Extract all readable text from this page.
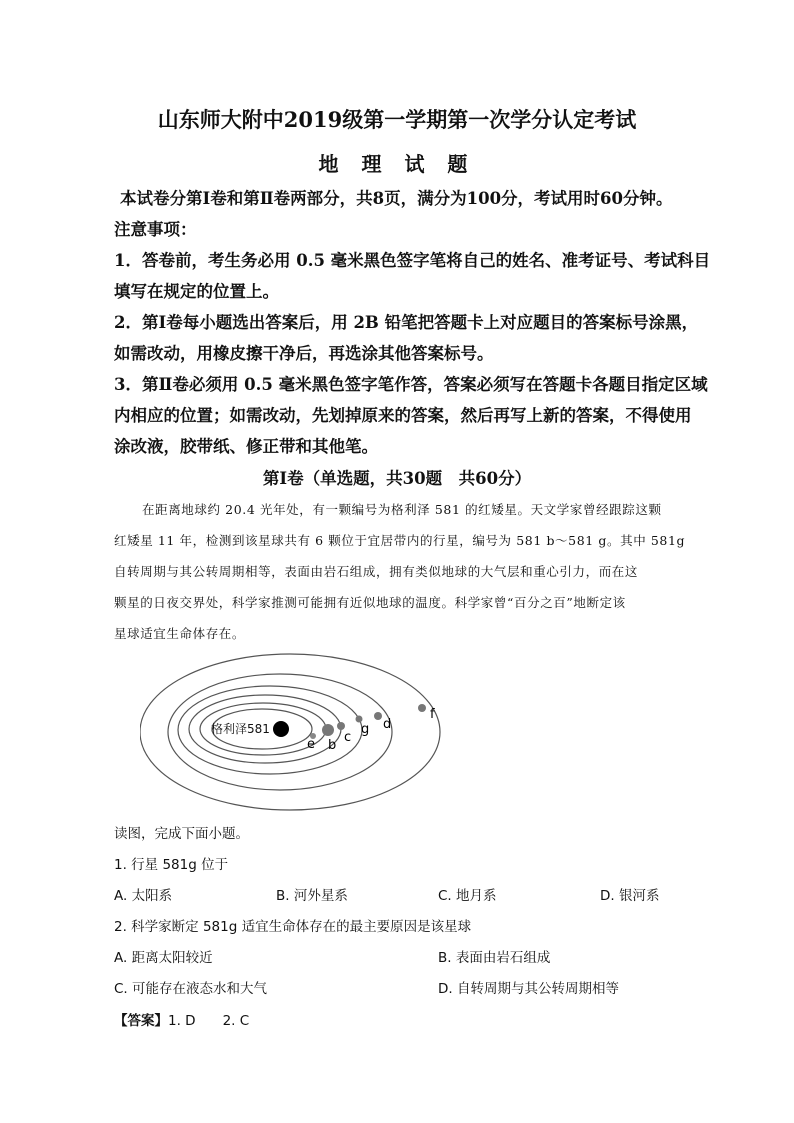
山东师大附中2019级第一学期第一次学分认定考试
地 理 试 题
本试卷分第Ⅰ卷和第Ⅱ卷两部分，共8页，满分为100分，考试用时60分钟。
注意事项：
1．答卷前，考生务必用 0.5 毫米黑色签字笔将自己的姓名、准考证号、考试科目
填写在规定的位置上。
2．第Ⅰ卷每小题选出答案后，用 2B 铅笔把答题卡上对应题目的答案标号涂黑，
如需改动，用橡皮擦干净后，再选涂其他答案标号。
3．第Ⅱ卷必须用 0.5 毫米黑色签字笔作答，答案必须写在答题卡各题目指定区域
内相应的位置；如需改动，先划掉原来的答案，然后再写上新的答案，不得使用
涂改液，胶带纸、修正带和其他笔。
第Ⅰ卷（单选题，共30题　共60分）
在距离地球约 20.4 光年处，有一颗编号为格利泽 581 的红矮星。天文学家曾经跟踪这颗
红矮星 11 年，检测到该星球共有 6 颗位于宜居带内的行星，编号为 581 b～581 g。其中 581g
自转周期与其公转周期相等，表面由岩石组成，拥有类似地球的大气层和重心引力，而在这
颗星的日夜交界处，科学家推测可能拥有近似地球的温度。科学家曾“百分之百”地断定该
星球适宜生命体存在。
格利泽581
e b
c
g d
f
读图，完成下面小题。
1. 行星 581g 位于
A. 太阳系	B. 河外星系	C. 地月系	D. 银河系
2. 科学家断定 581g 适宜生命体存在的最主要原因是该星球
A. 距离太阳较近	B. 表面由岩石组成
C. 可能存在液态水和大气	D. 自转周期与其公转周期相等
【答案】1. D　　2. C
